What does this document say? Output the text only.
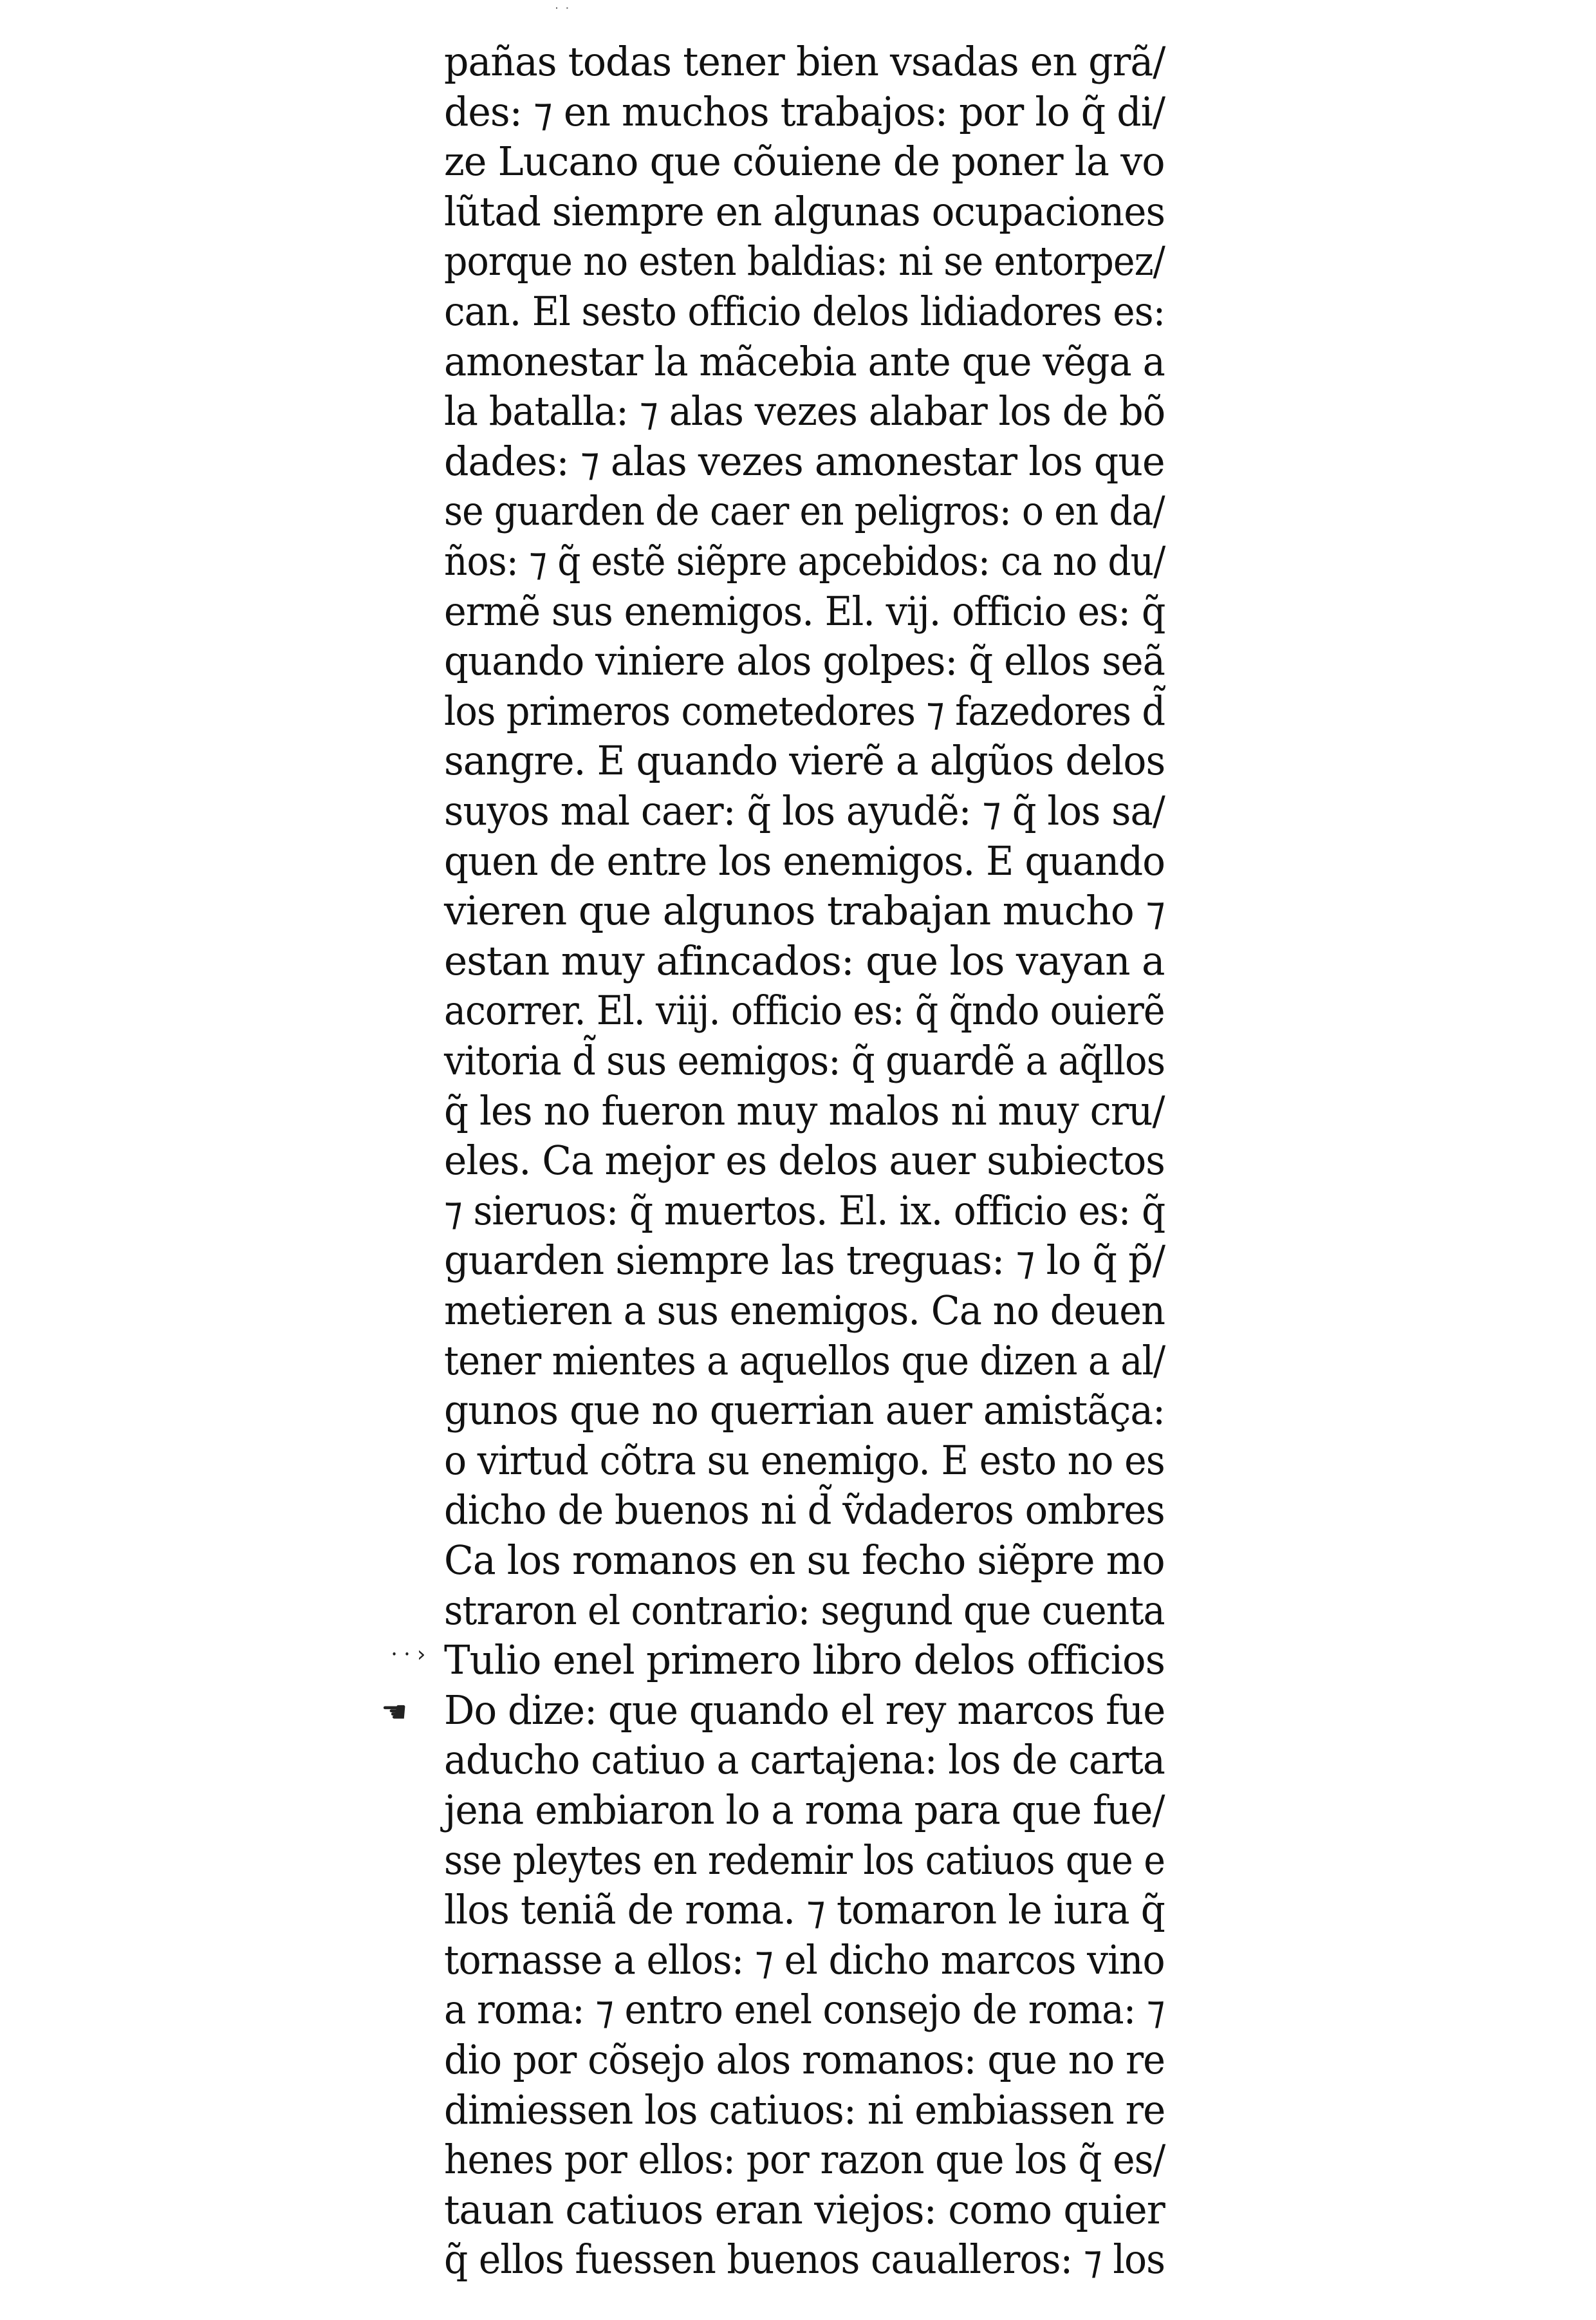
˙ ˙
⸱ ⸱ ›
☚
pañas todas tener bien vsadas en grã/
des: ⁊ en muchos trabajos: por lo q̃ di/
ze Lucano que cõuiene de poner la vo
lũtad siempre en algunas ocupaciones
porque no esten baldias: ni se entorpez/
can. El sesto officio delos lidiadores es:
amonestar la mãcebia ante que vẽga a
la batalla: ⁊ alas vezes alabar los de bõ
dades: ⁊ alas vezes amonestar los que
se guarden de caer en peligros: o en da/
ños: ⁊ q̃ estẽ siẽpre apcebidos: ca no du/
ermẽ sus enemigos. El. vij. officio es: q̃
quando viniere alos golpes: q̃ ellos seã
los primeros cometedores ⁊ fazedores d̃
sangre. E quando vierẽ a algũos delos
suyos mal caer: q̃ los ayudẽ: ⁊ q̃ los sa/
quen de entre los enemigos. E quando
vieren que algunos trabajan mucho ⁊
estan muy afincados: que los vayan a
acorrer. El. viij. officio es: q̃ q̃ndo ouierẽ
vitoria d̃ sus eemigos: q̃ guardẽ a aq̃llos
q̃ les no fueron muy malos ni muy cru/
eles. Ca mejor es delos auer subiectos
⁊ sieruos: q̃ muertos. El. ix. officio es: q̃
guarden siempre las treguas: ⁊ lo q̃ p̃/
metieren a sus enemigos. Ca no deuen
tener mientes a aquellos que dizen a al/
gunos que no querrian auer amistãça:
o virtud cõtra su enemigo. E esto no es
dicho de buenos ni d̃ ṽdaderos ombres
Ca los romanos en su fecho siẽpre mo
straron el contrario: segund que cuenta
Tulio enel primero libro delos officios
Do dize: que quando el rey marcos fue
aducho catiuo a cartajena: los de carta
jena embiaron lo a roma para que fue/
sse pleytes en redemir los catiuos que e
llos teniã de roma. ⁊ tomaron le iura q̃
tornasse a ellos: ⁊ el dicho marcos vino
a roma: ⁊ entro enel consejo de roma: ⁊
dio por cõsejo alos romanos: que no re
dimiessen los catiuos: ni embiassen re
henes por ellos: por razon que los q̃ es/
tauan catiuos eran viejos: como quier
q̃ ellos fuessen buenos caualleros: ⁊ los
